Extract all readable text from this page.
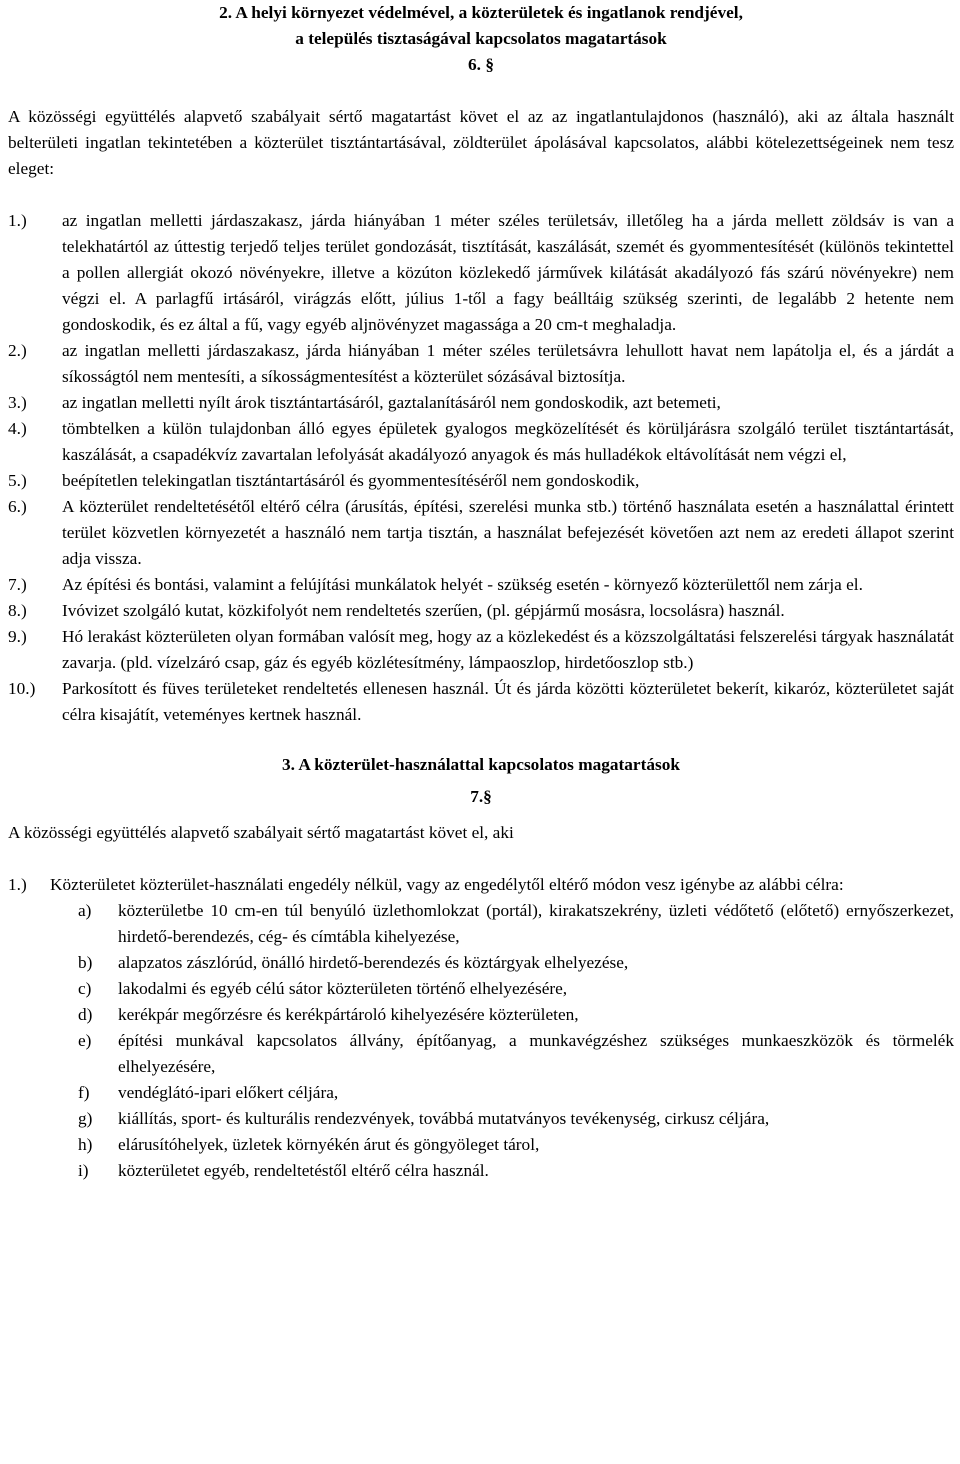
2. A helyi környezet védelmével, a közterületek és ingatlanok rendjével,

a település tisztaságával kapcsolatos magatartások

6. §

A közösségi együttélés alapvető szabályait sértő magatartást követ el az az ingatlantulajdonos (használó), aki az általa használt belterületi ingatlan tekintetében a közterület tisztántartásával, zöldterület ápolásával kapcsolatos, alábbi kötelezettségeinek nem tesz eleget:

1.)	az ingatlan melletti járdaszakasz, járda hiányában 1 méter széles területsáv, illetőleg ha a járda mellett zöldsáv is van a telekhatártól az úttestig terjedő teljes terület gondozását, tisztítását, kaszálását, szemét és gyommentesítését (különös tekintettel a pollen allergiát okozó növényekre, illetve a közúton közlekedő járművek kilátását akadályozó fás szárú növényekre) nem végzi el. A parlagfű irtásáról, virágzás előtt, július 1-től a fagy beálltáig szükség szerinti, de legalább 2 hetente nem gondoskodik, és ez által a fű, vagy egyéb aljnövényzet magassága a 20 cm-t meghaladja.
2.)	az ingatlan melletti járdaszakasz, járda hiányában 1 méter széles területsávra lehullott havat nem lapátolja el, és a járdát a síkosságtól nem mentesíti, a síkosságmentesítést a közterület sózásával biztosítja.
3.)	az ingatlan melletti nyílt árok tisztántartásáról, gaztalanításáról nem gondoskodik, azt betemeti,
4.)	tömbtelken a külön tulajdonban álló egyes épületek gyalogos megközelítését és körüljárásra szolgáló terület tisztántartását, kaszálását, a csapadékvíz zavartalan lefolyását akadályozó anyagok és más hulladékok eltávolítását nem végzi el,
5.)	beépítetlen telekingatlan tisztántartásáról és gyommentesítéséről nem gondoskodik,
6.)	A közterület rendeltetésétől eltérő célra (árusítás, építési, szerelési munka stb.) történő használata esetén a használattal érintett terület közvetlen környezetét a használó nem tartja tisztán, a használat befejezését követően azt nem az eredeti állapot szerint adja vissza.
7.)	Az építési és bontási, valamint a felújítási munkálatok helyét - szükség esetén - környező közterülettől nem zárja el.
8.)	Ivóvizet szolgáló kutat, közkifolyót nem rendeltetés szerűen, (pl. gépjármű mosásra, locsolásra) használ.
9.)	Hó lerakást közterületen olyan formában valósít meg, hogy az a közlekedést és a közszolgáltatási felszerelési tárgyak használatát zavarja. (pld. vízelzáró csap, gáz és egyéb közlétesítmény, lámpaoszlop, hirdetőoszlop stb.)
10.)	Parkosított és füves területeket rendeltetés ellenesen használ. Út és járda közötti közterületet bekerít, kikaróz, közterületet saját célra kisajátít, veteményes kertnek használ.

3. A közterület-használattal kapcsolatos magatartások

7.§

A közösségi együttélés alapvető szabályait sértő magatartást követ el, aki

1.)	Közterületet közterület-használati engedély nélkül, vagy az engedélytől eltérő módon vesz igénybe az alábbi célra:
a)	közterületbe 10 cm-en túl benyúló üzlethomlokzat (portál), kirakatszekrény, üzleti védőtető (előtető) ernyőszerkezet, hirdető-berendezés, cég- és címtábla kihelyezése,
b)	alapzatos zászlórúd, önálló hirdető-berendezés és köztárgyak elhelyezése,
c)	lakodalmi és egyéb célú sátor közterületen történő elhelyezésére,
d)	kerékpár megőrzésre és kerékpártároló kihelyezésére közterületen,
e)	építési munkával kapcsolatos állvány, építőanyag, a munkavégzéshez szükséges munkaeszközök és törmelék elhelyezésére,
f)	vendéglátó-ipari előkert céljára,
g)	kiállítás, sport- és kulturális rendezvények, továbbá mutatványos tevékenység, cirkusz céljára,
h)	elárusítóhelyek, üzletek környékén árut és göngyöleget tárol,
i)	közterületet egyéb, rendeltetéstől eltérő célra használ.
